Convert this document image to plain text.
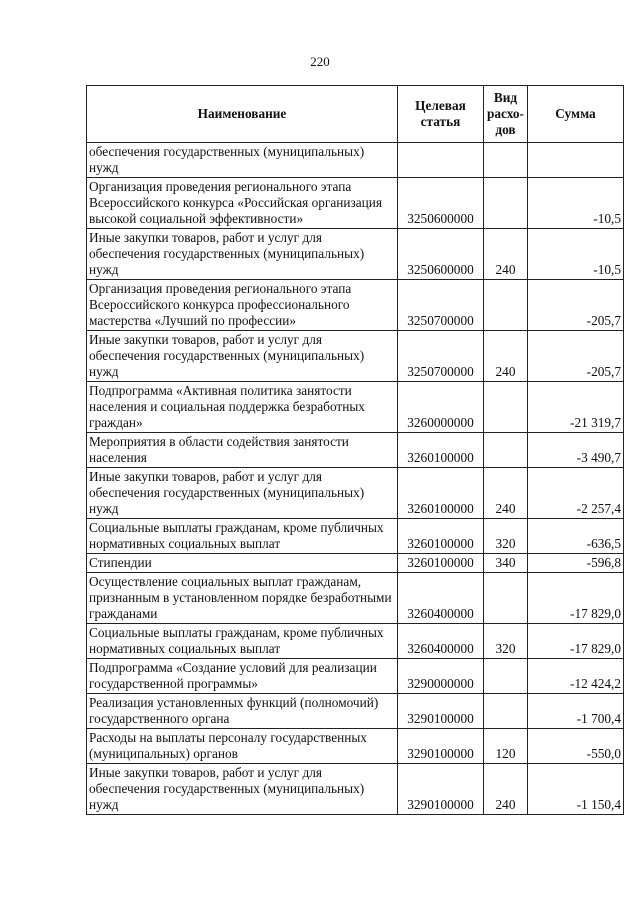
220
Наименование	Целевая статья	Вид расхо- дов	Сумма
обеспечения государственных (муниципальных) нужд			
Организация проведения регионального этапа Всероссийского конкурса «Российская организация высокой социальной эффективности»	3250600000		-10,5
Иные закупки товаров, работ и услуг для обеспечения государственных (муниципальных) нужд	3250600000	240	-10,5
Организация проведения регионального этапа Всероссийского конкурса профессионального мастерства «Лучший по профессии»	3250700000		-205,7
Иные закупки товаров, работ и услуг для обеспечения государственных (муниципальных) нужд	3250700000	240	-205,7
Подпрограмма «Активная политика занятости населения и социальная поддержка безработных граждан»	3260000000		-21 319,7
Мероприятия в области содействия занятости населения	3260100000		-3 490,7
Иные закупки товаров, работ и услуг для обеспечения государственных (муниципальных) нужд	3260100000	240	-2 257,4
Социальные выплаты гражданам, кроме публичных нормативных социальных выплат	3260100000	320	-636,5
Стипендии	3260100000	340	-596,8
Осуществление социальных выплат гражданам, признанным в установленном порядке безработными гражданами	3260400000		-17 829,0
Социальные выплаты гражданам, кроме публичных нормативных социальных выплат	3260400000	320	-17 829,0
Подпрограмма «Создание условий для реализации государственной программы»	3290000000		-12 424,2
Реализация установленных функций (полномочий) государственного органа	3290100000		-1 700,4
Расходы на выплаты персоналу государственных (муниципальных) органов	3290100000	120	-550,0
Иные закупки товаров, работ и услуг для обеспечения государственных (муниципальных) нужд	3290100000	240	-1 150,4
